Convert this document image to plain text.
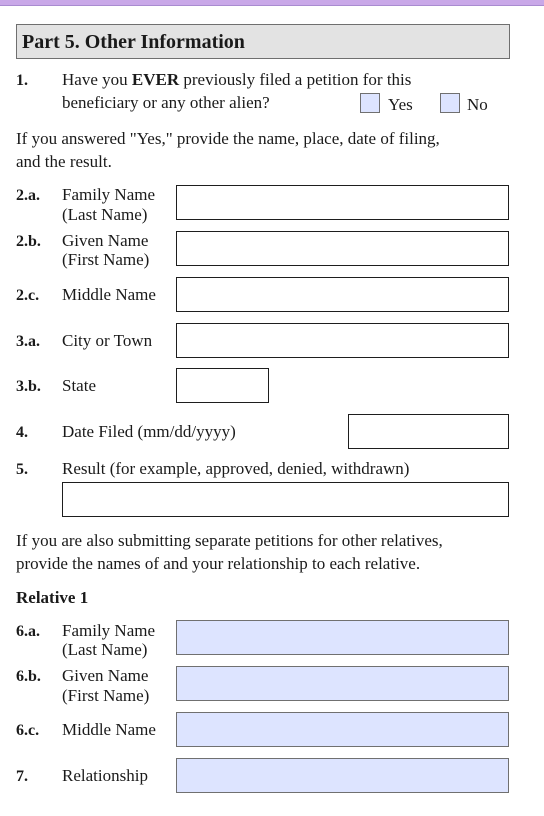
Part 5. Other Information
1. Have you EVER previously filed a petition for this
beneficiary or any other alien?	Yes	No
If you answered "Yes," provide the name, place, date of filing,
and the result.
2.a. Family Name
(Last Name)
2.b. Given Name
(First Name)
2.c. Middle Name
3.a. City or Town
3.b. State
4. Date Filed (mm/dd/yyyy)
5. Result (for example, approved, denied, withdrawn)
If you are also submitting separate petitions for other relatives,
provide the names of and your relationship to each relative.
Relative 1
6.a. Family Name
(Last Name)
6.b. Given Name
(First Name)
6.c. Middle Name
7. Relationship
